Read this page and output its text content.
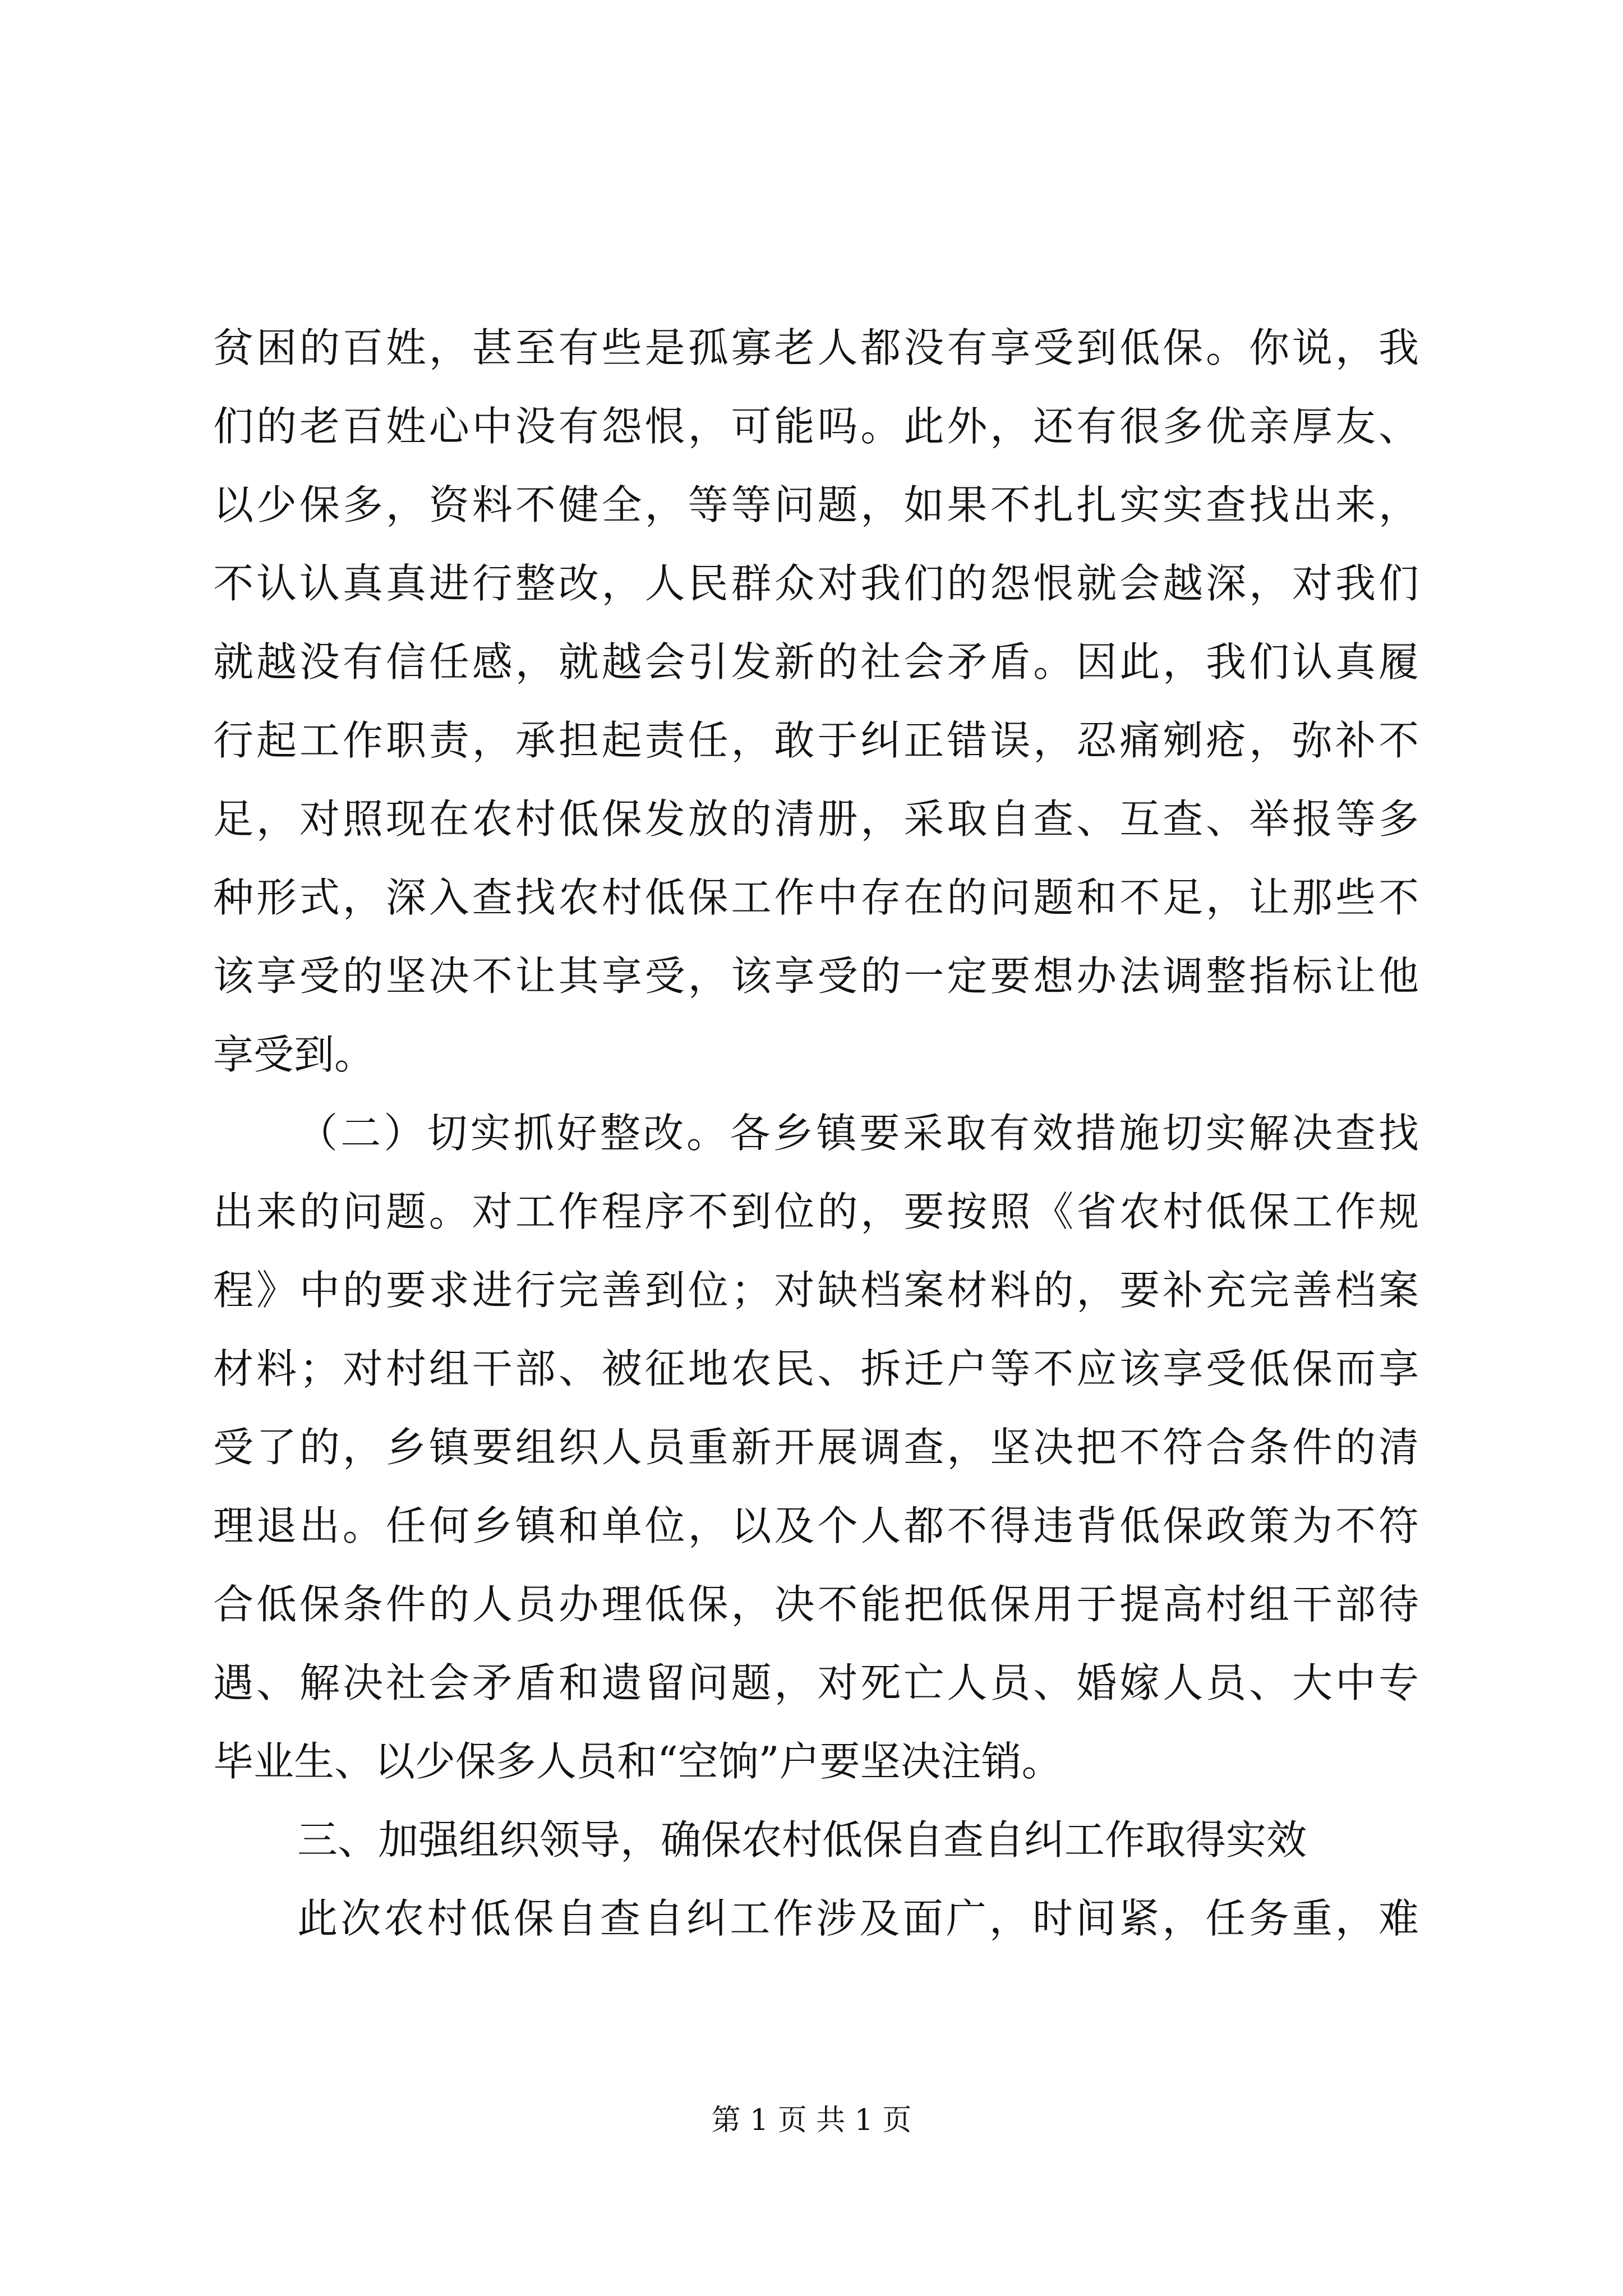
贫困的百姓，甚至有些是孤寡老人都没有享受到低保。你说，我
们的老百姓心中没有怨恨，可能吗。此外，还有很多优亲厚友、
以少保多，资料不健全，等等问题，如果不扎扎实实查找出来，
不认认真真进行整改，人民群众对我们的怨恨就会越深，对我们
就越没有信任感，就越会引发新的社会矛盾。因此，我们认真履
行起工作职责，承担起责任，敢于纠正错误，忍痛剜疮，弥补不
足，对照现在农村低保发放的清册，采取自查、互查、举报等多
种形式，深入查找农村低保工作中存在的问题和不足，让那些不
该享受的坚决不让其享受，该享受的一定要想办法调整指标让他
享受到。
（二）切实抓好整改。各乡镇要采取有效措施切实解决查找
出来的问题。对工作程序不到位的，要按照《省农村低保工作规
程》中的要求进行完善到位；对缺档案材料的，要补充完善档案
材料；对村组干部、被征地农民、拆迁户等不应该享受低保而享
受了的，乡镇要组织人员重新开展调查，坚决把不符合条件的清
理退出。任何乡镇和单位，以及个人都不得违背低保政策为不符
合低保条件的人员办理低保，决不能把低保用于提高村组干部待
遇、解决社会矛盾和遗留问题，对死亡人员、婚嫁人员、大中专
毕业生、以少保多人员和“空饷”户要坚决注销。
三、加强组织领导，确保农村低保自查自纠工作取得实效
此次农村低保自查自纠工作涉及面广，时间紧，任务重，难
第 1 页 共 1 页
